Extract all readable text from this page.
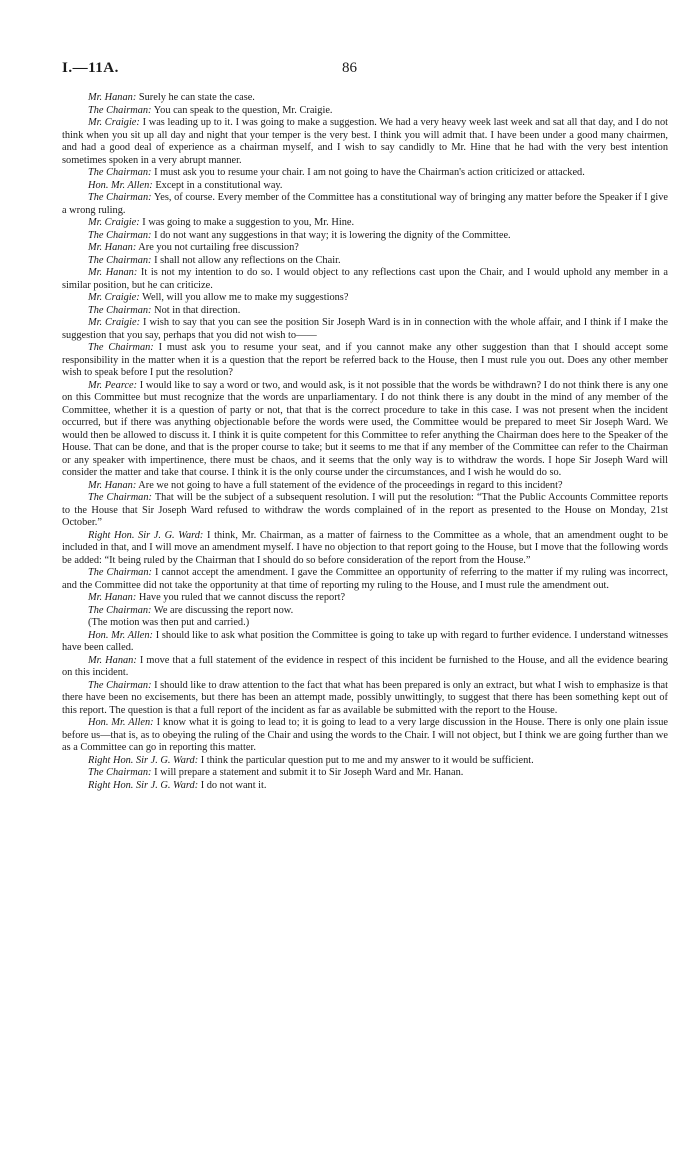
I.—11A.	86

Mr. Hanan: Surely he can state the case.

The Chairman: You can speak to the question, Mr. Craigie.

Mr. Craigie: I was leading up to it. I was going to make a suggestion. We had a very heavy week last week and sat all that day, and I do not think when you sit up all day and night that your temper is the very best. I think you will admit that. I have been under a good many chairmen, and had a good deal of experience as a chairman myself, and I wish to say candidly to Mr. Hine that he had with the very best intention sometimes spoken in a very abrupt manner.

The Chairman: I must ask you to resume your chair. I am not going to have the Chairman's action criticized or attacked.

Hon. Mr. Allen: Except in a constitutional way.

The Chairman: Yes, of course. Every member of the Committee has a constitutional way of bringing any matter before the Speaker if I give a wrong ruling.

Mr. Craigie: I was going to make a suggestion to you, Mr. Hine.

The Chairman: I do not want any suggestions in that way; it is lowering the dignity of the Committee.

Mr. Hanan: Are you not curtailing free discussion?

The Chairman: I shall not allow any reflections on the Chair.

Mr. Hanan: It is not my intention to do so. I would object to any reflections cast upon the Chair, and I would uphold any member in a similar position, but he can criticize.

Mr. Craigie: Well, will you allow me to make my suggestions?

The Chairman: Not in that direction.

Mr. Craigie: I wish to say that you can see the position Sir Joseph Ward is in in connection with the whole affair, and I think if I make the suggestion that you say, perhaps that you did not wish to——

The Chairman: I must ask you to resume your seat, and if you cannot make any other suggestion than that I should accept some responsibility in the matter when it is a question that the report be referred back to the House, then I must rule you out. Does any other member wish to speak before I put the resolution?

Mr. Pearce: I would like to say a word or two, and would ask, is it not possible that the words be withdrawn? I do not think there is any one on this Committee but must recognize that the words are unparliamentary. I do not think there is any doubt in the mind of any member of the Committee, whether it is a question of party or not, that that is the correct procedure to take in this case. I was not present when the incident occurred, but if there was anything objectionable before the words were used, the Committee would be prepared to meet Sir Joseph Ward. We would then be allowed to discuss it. I think it is quite competent for this Committee to refer anything the Chairman does here to the Speaker of the House. That can be done, and that is the proper course to take; but it seems to me that if any member of the Committee can refer to the Chairman or any speaker with impertinence, there must be chaos, and it seems that the only way is to withdraw the words. I hope Sir Joseph Ward will consider the matter and take that course. I think it is the only course under the circumstances, and I wish he would do so.

Mr. Hanan: Are we not going to have a full statement of the evidence of the proceedings in regard to this incident?

The Chairman: That will be the subject of a subsequent resolution. I will put the resolution: “That the Public Accounts Committee reports to the House that Sir Joseph Ward refused to withdraw the words complained of in the report as presented to the House on Monday, 21st October.”

Right Hon. Sir J. G. Ward: I think, Mr. Chairman, as a matter of fairness to the Committee as a whole, that an amendment ought to be included in that, and I will move an amendment myself. I have no objection to that report going to the House, but I move that the following words be added: “It being ruled by the Chairman that I should do so before consideration of the report from the House.”

The Chairman: I cannot accept the amendment. I gave the Committee an opportunity of referring to the matter if my ruling was incorrect, and the Committee did not take the opportunity at that time of reporting my ruling to the House, and I must rule the amendment out.

Mr. Hanan: Have you ruled that we cannot discuss the report?

The Chairman: We are discussing the report now.

(The motion was then put and carried.)

Hon. Mr. Allen: I should like to ask what position the Committee is going to take up with regard to further evidence. I understand witnesses have been called.

Mr. Hanan: I move that a full statement of the evidence in respect of this incident be furnished to the House, and all the evidence bearing on this incident.

The Chairman: I should like to draw attention to the fact that what has been prepared is only an extract, but what I wish to emphasize is that there have been no excisements, but there has been an attempt made, possibly unwittingly, to suggest that there has been something kept out of this report. The question is that a full report of the incident as far as available be submitted with the report to the House.

Hon. Mr. Allen: I know what it is going to lead to; it is going to lead to a very large discussion in the House. There is only one plain issue before us—that is, as to obeying the ruling of the Chair and using the words to the Chair. I will not object, but I think we are going further than we as a Committee can go in reporting this matter.

Right Hon. Sir J. G. Ward: I think the particular question put to me and my answer to it would be sufficient.

The Chairman: I will prepare a statement and submit it to Sir Joseph Ward and Mr. Hanan.

Right Hon. Sir J. G. Ward: I do not want it.
